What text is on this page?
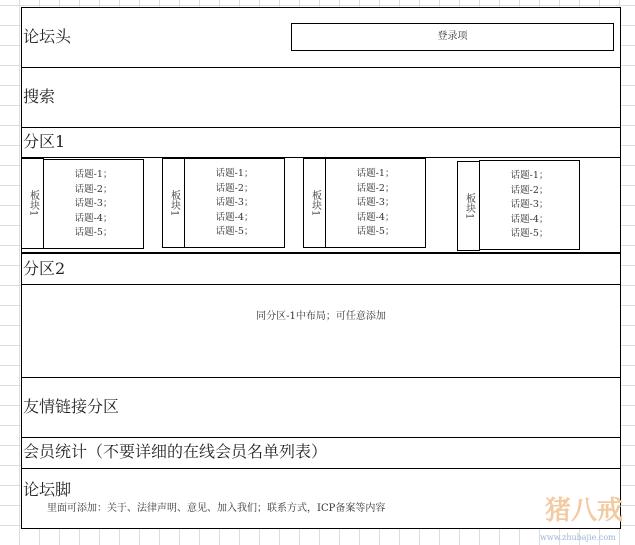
论坛头	登录项
搜索
分区1
板块1
话题-1；
话题-2；
话题-3；
话题-4；
话题-5；
板块1
话题-1；
话题-2；
话题-3；
话题-4；
话题-5；
板块1
话题-1；
话题-2；
话题-3；
话题-4；
话题-5；
板块1
话题-1；
话题-2；
话题-3；
话题-4；
话题-5；
分区2
同分区-1中布局；可任意添加
友情链接分区
会员统计（不要详细的在线会员名单列表）
论坛脚
里面可添加：关于、法律声明、意见、加入我们；联系方式，ICP备案等内容	猪八戒
www.zhubajie.com
